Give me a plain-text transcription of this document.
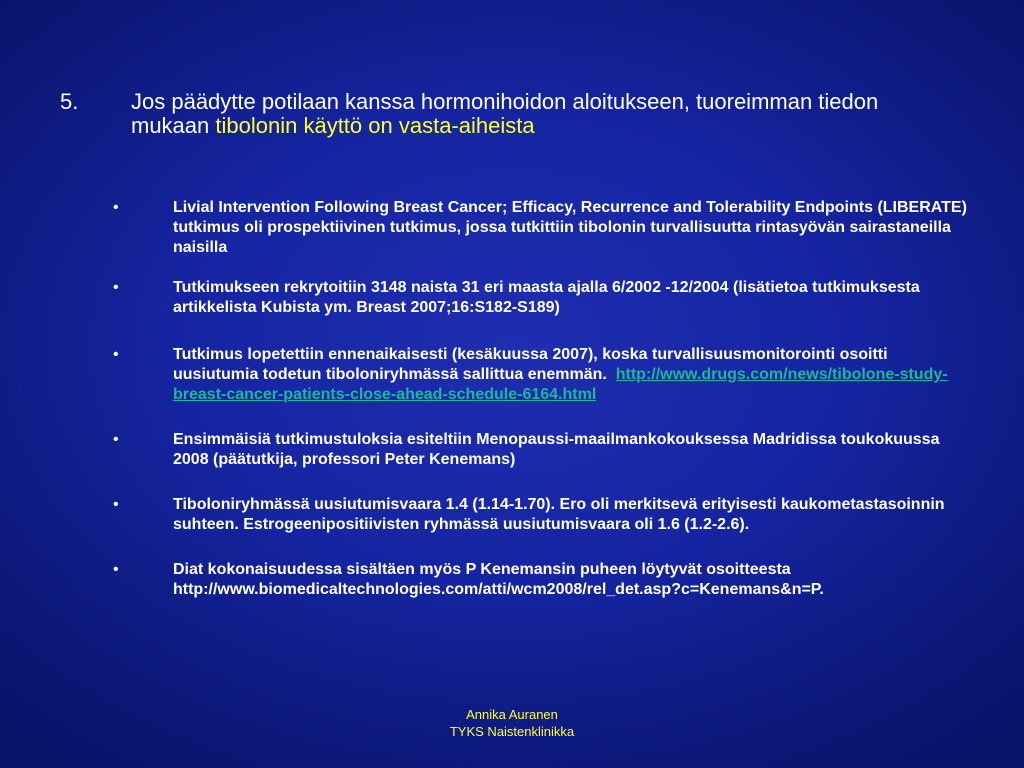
5. Jos päädytte potilaan kanssa hormonihoidon aloitukseen, tuoreimman tiedon mukaan tibolonin käyttö on vasta-aiheista
•	Livial Intervention Following Breast Cancer; Efficacy, Recurrence and Tolerability Endpoints (LIBERATE) tutkimus oli prospektiivinen tutkimus, jossa tutkittiin tibolonin turvallisuutta rintasyövän sairastaneilla naisilla
•	Tutkimukseen rekrytoitiin 3148 naista 31 eri maasta ajalla 6/2002 -12/2004 (lisätietoa tutkimuksesta artikkelista Kubista ym. Breast 2007;16:S182-S189)
•	Tutkimus lopetettiin ennenaikaisesti (kesäkuussa 2007), koska turvallisuusmonitorointi osoitti uusiutumia todetun tiboloniryhmässä sallittua enemmän. http://www.drugs.com/news/tibolone-study-breast-cancer-patients-close-ahead-schedule-6164.html
•	Ensimmäisiä tutkimustuloksia esiteltiin Menopaussi-maailmankokouksessa Madridissa toukokuussa 2008 (päätutkija, professori Peter Kenemans)
•	Tiboloniryhmässä uusiutumisvaara 1.4 (1.14-1.70). Ero oli merkitsevä erityisesti kaukometastasoinnin suhteen. Estrogeenipositiivisten ryhmässä uusiutumisvaara oli 1.6 (1.2-2.6).
•	Diat kokonaisuudessa sisältäen myös P Kenemansin puheen löytyvät osoitteesta http://www.biomedicaltechnologies.com/atti/wcm2008/rel_det.asp?c=Kenemans&n=P.
Annika Auranen
TYKS Naistenklinikka
